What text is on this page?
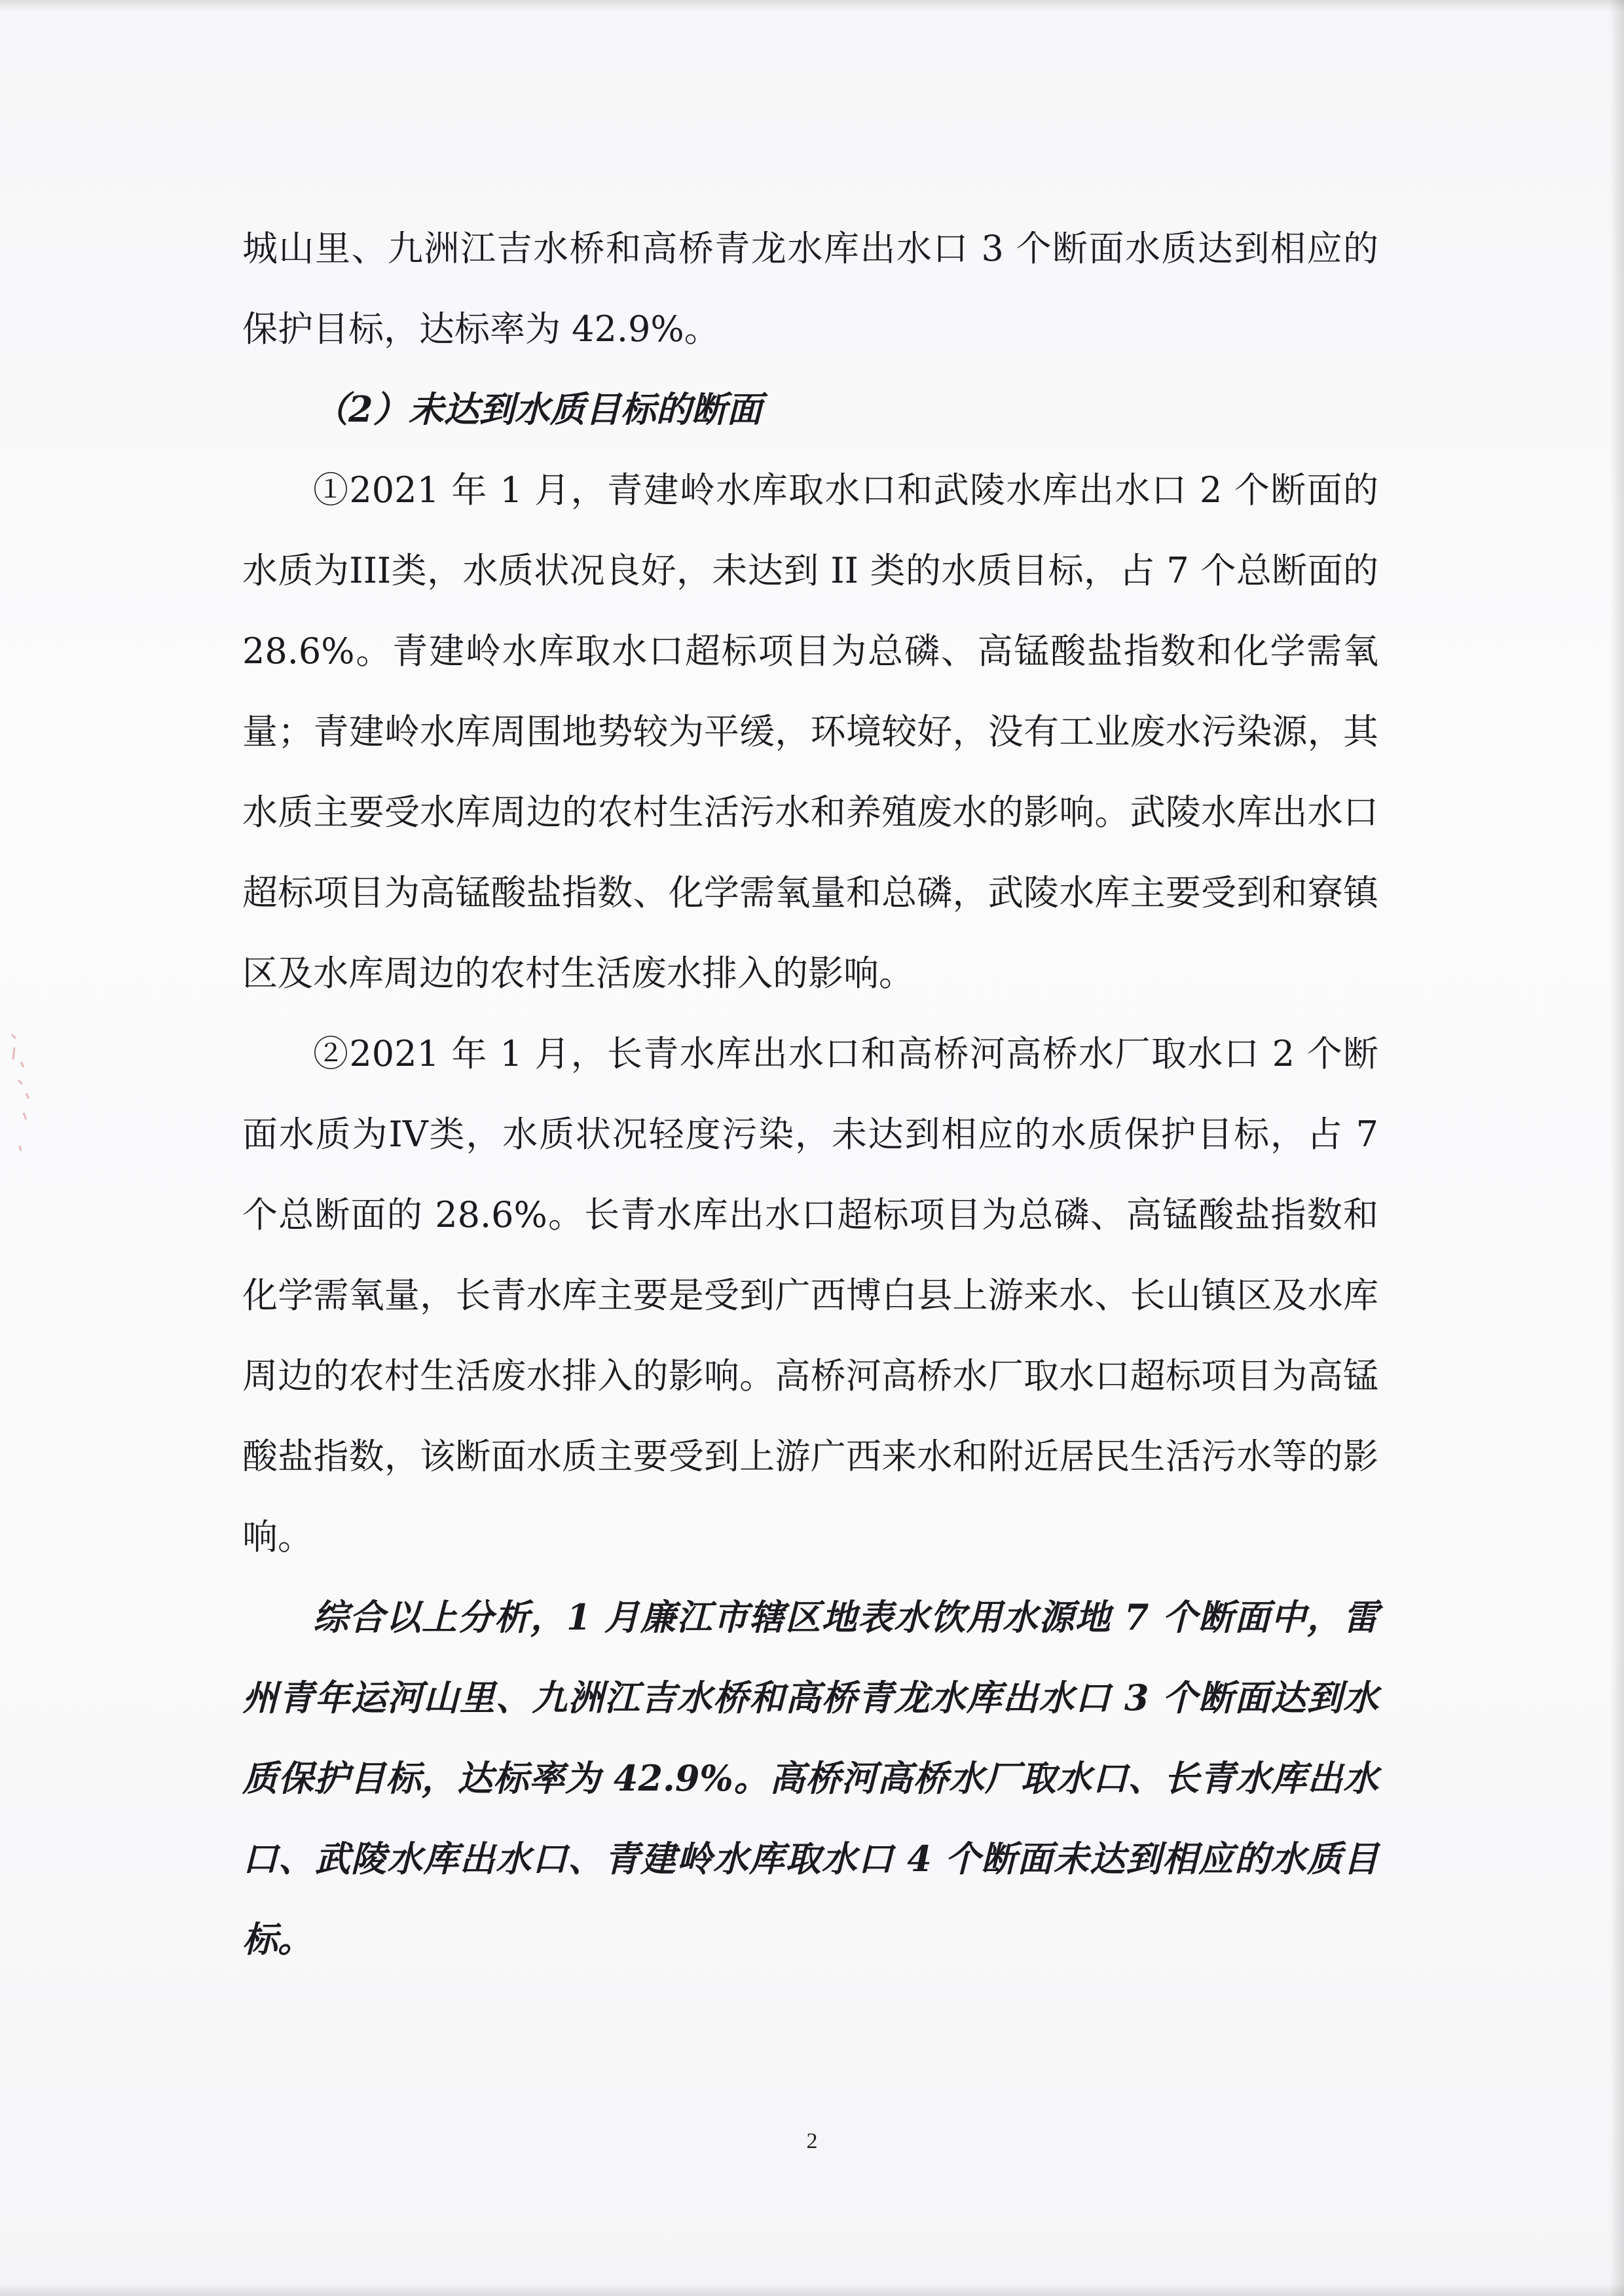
城山里、九洲江吉水桥和高桥青龙水库出水口 3 个断面水质达到相应的保护目标，达标率为 42.9%。

（2）未达到水质目标的断面

①2021 年 1 月，青建岭水库取水口和武陵水库出水口 2 个断面的水质为III类，水质状况良好，未达到 II 类的水质目标，占 7 个总断面的 28.6%。青建岭水库取水口超标项目为总磷、高锰酸盐指数和化学需氧量；青建岭水库周围地势较为平缓，环境较好，没有工业废水污染源，其水质主要受水库周边的农村生活污水和养殖废水的影响。武陵水库出水口超标项目为高锰酸盐指数、化学需氧量和总磷，武陵水库主要受到和寮镇区及水库周边的农村生活废水排入的影响。

②2021 年 1 月，长青水库出水口和高桥河高桥水厂取水口 2 个断面水质为IV类，水质状况轻度污染，未达到相应的水质保护目标，占 7 个总断面的 28.6%。长青水库出水口超标项目为总磷、高锰酸盐指数和化学需氧量，长青水库主要是受到广西博白县上游来水、长山镇区及水库周边的农村生活废水排入的影响。高桥河高桥水厂取水口超标项目为高锰酸盐指数，该断面水质主要受到上游广西来水和附近居民生活污水等的影响。

综合以上分析，1 月廉江市辖区地表水饮用水源地 7 个断面中，雷州青年运河山里、九洲江吉水桥和高桥青龙水库出水口 3 个断面达到水质保护目标，达标率为 42.9%。高桥河高桥水厂取水口、长青水库出水口、武陵水库出水口、青建岭水库取水口 4 个断面未达到相应的水质目标。

2
